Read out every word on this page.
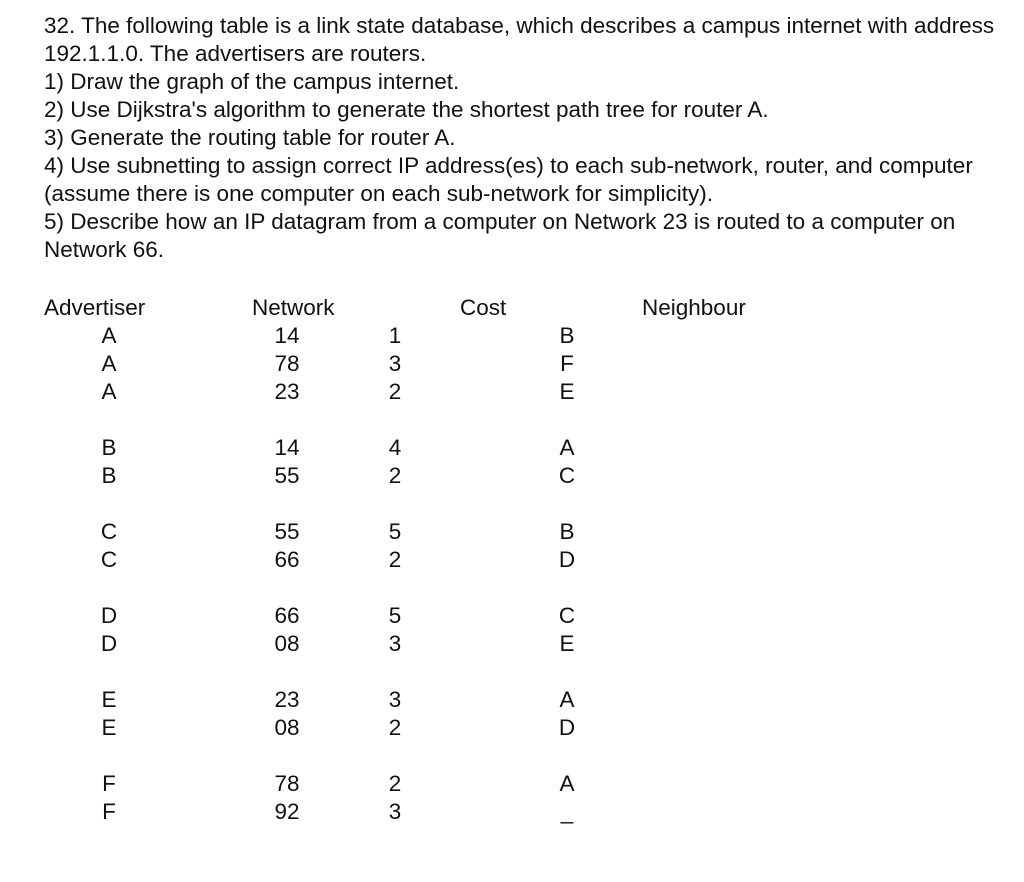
32. The following table is a link state database, which describes a campus internet with address 192.1.1.0. The advertisers are routers.

1) Draw the graph of the campus internet.

2) Use Dijkstra's algorithm to generate the shortest path tree for router A.

3) Generate the routing table for router A.

4) Use subnetting to assign correct IP address(es) to each sub-network, router, and computer (assume there is one computer on each sub-network for simplicity).

5) Describe how an IP datagram from a computer on Network 23 is routed to a computer on Network 66.

Advertiser	Network	Cost	Neighbour
A	14	1	B
A	78	3	F
A	23	2	E
B	14	4	A
B	55	2	C
C	55	5	B
C	66	2	D
D	66	5	C
D	08	3	E
E	23	3	A
E	08	2	D
F	78	2	A
F	92	3	_
